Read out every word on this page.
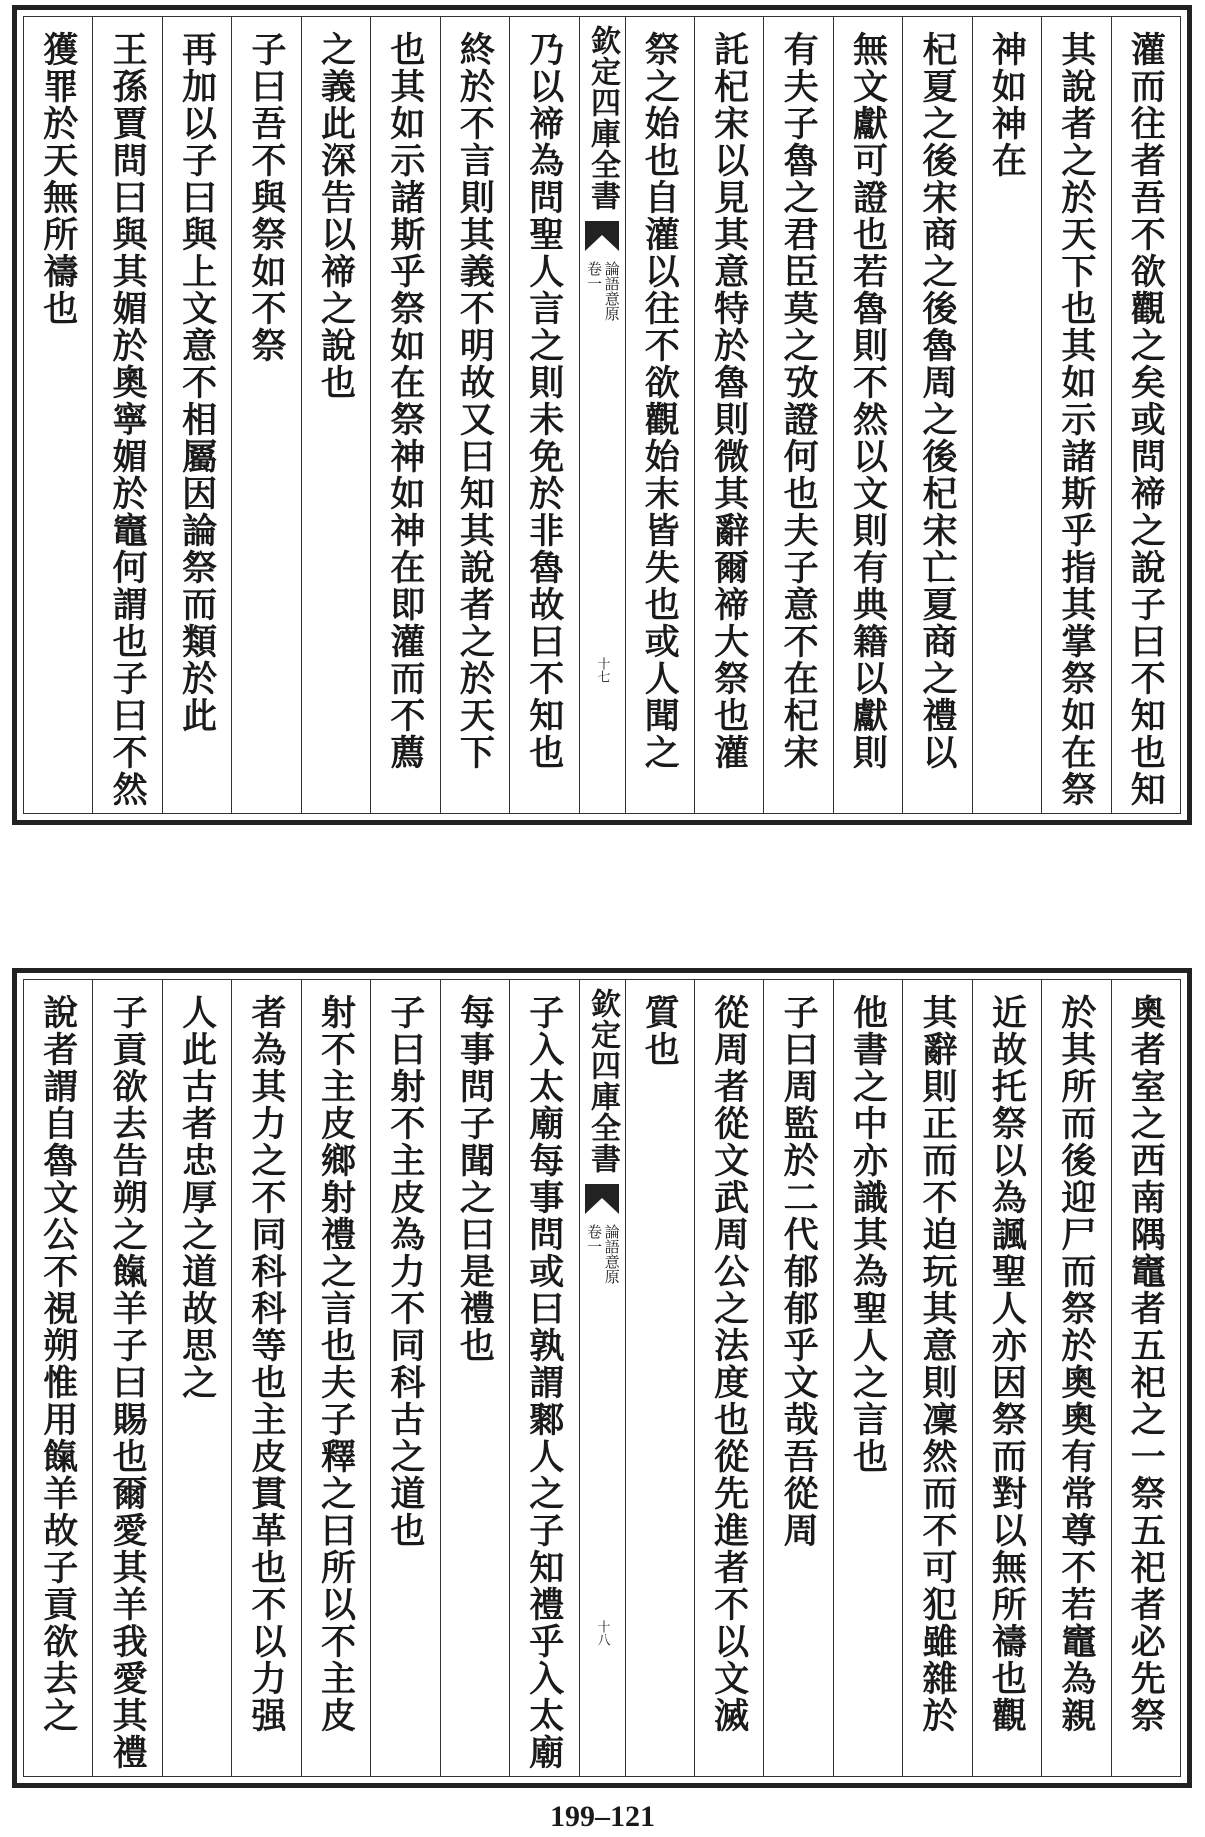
灌而往者吾不欲觀之矣或問禘之說子曰不知也知
其說者之於天下也其如示諸斯乎指其掌祭如在祭
神如神在
杞夏之後宋商之後魯周之後杞宋亡夏商之禮以
無文獻可證也若魯則不然以文則有典籍以獻則
有夫子魯之君臣莫之攷證何也夫子意不在杞宋
託杞宋以見其意特於魯則微其辭爾禘大祭也灌
祭之始也自灌以往不欲觀始末皆失也或人聞之
欽定四庫全書
論語意原
卷一
十七
乃以禘為問聖人言之則未免於非魯故曰不知也
終於不言則其義不明故又曰知其說者之於天下
也其如示諸斯乎祭如在祭神如神在即灌而不薦
之義此深告以禘之說也
子曰吾不與祭如不祭
再加以子曰與上文意不相屬因論祭而類於此
王孫賈問曰與其媚於奧寧媚於竈何謂也子曰不然
獲罪於天無所禱也
奧者室之西南隅竈者五祀之一祭五祀者必先祭
於其所而後迎尸而祭於奧奧有常尊不若竈為親
近故托祭以為諷聖人亦因祭而對以無所禱也觀
其辭則正而不迫玩其意則凜然而不可犯雖雜於
他書之中亦識其為聖人之言也
子曰周監於二代郁郁乎文哉吾從周
從周者從文武周公之法度也從先進者不以文滅
質也
欽定四庫全書
論語意原
卷一
十八
子入太廟每事問或曰孰謂鄹人之子知禮乎入太廟
每事問子聞之曰是禮也
子曰射不主皮為力不同科古之道也
射不主皮鄉射禮之言也夫子釋之曰所以不主皮
者為其力之不同科科等也主皮貫革也不以力强
人此古者忠厚之道故思之
子貢欲去告朔之餼羊子曰賜也爾愛其羊我愛其禮
說者謂自魯文公不視朔惟用餼羊故子貢欲去之
199–121
